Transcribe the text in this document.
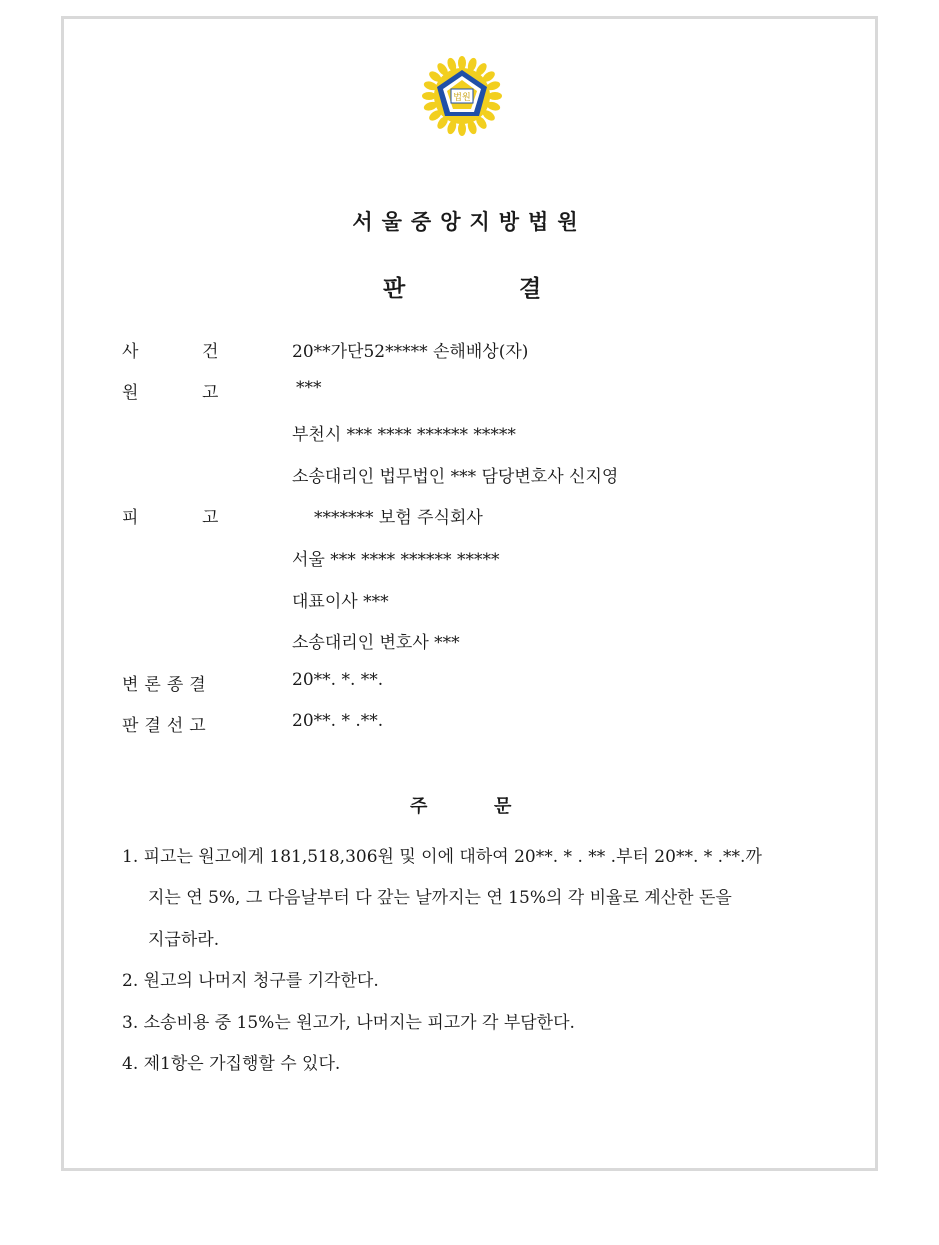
법원
서울중앙지방법원
판	결
사	건	20**가단52***** 손해배상(자)
원	고	***
부천시 *** **** ****** *****
소송대리인 법무법인 *** 담당변호사 신지영
피	고	******* 보험 주식회사
서울 *** **** ****** *****
대표이사 ***
소송대리인 변호사 ***
변론종결	20**. *. **.
판결선고	20**. * .**.
주	문
1. 피고는 원고에게 181,518,306원 및 이에 대하여 20**. * . ** .부터 20**. * .**.까
지는 연 5%, 그 다음날부터 다 갚는 날까지는 연 15%의 각 비율로 계산한 돈을
지급하라.
2. 원고의 나머지 청구를 기각한다.
3. 소송비용 중 15%는 원고가, 나머지는 피고가 각 부담한다.
4. 제1항은 가집행할 수 있다.
